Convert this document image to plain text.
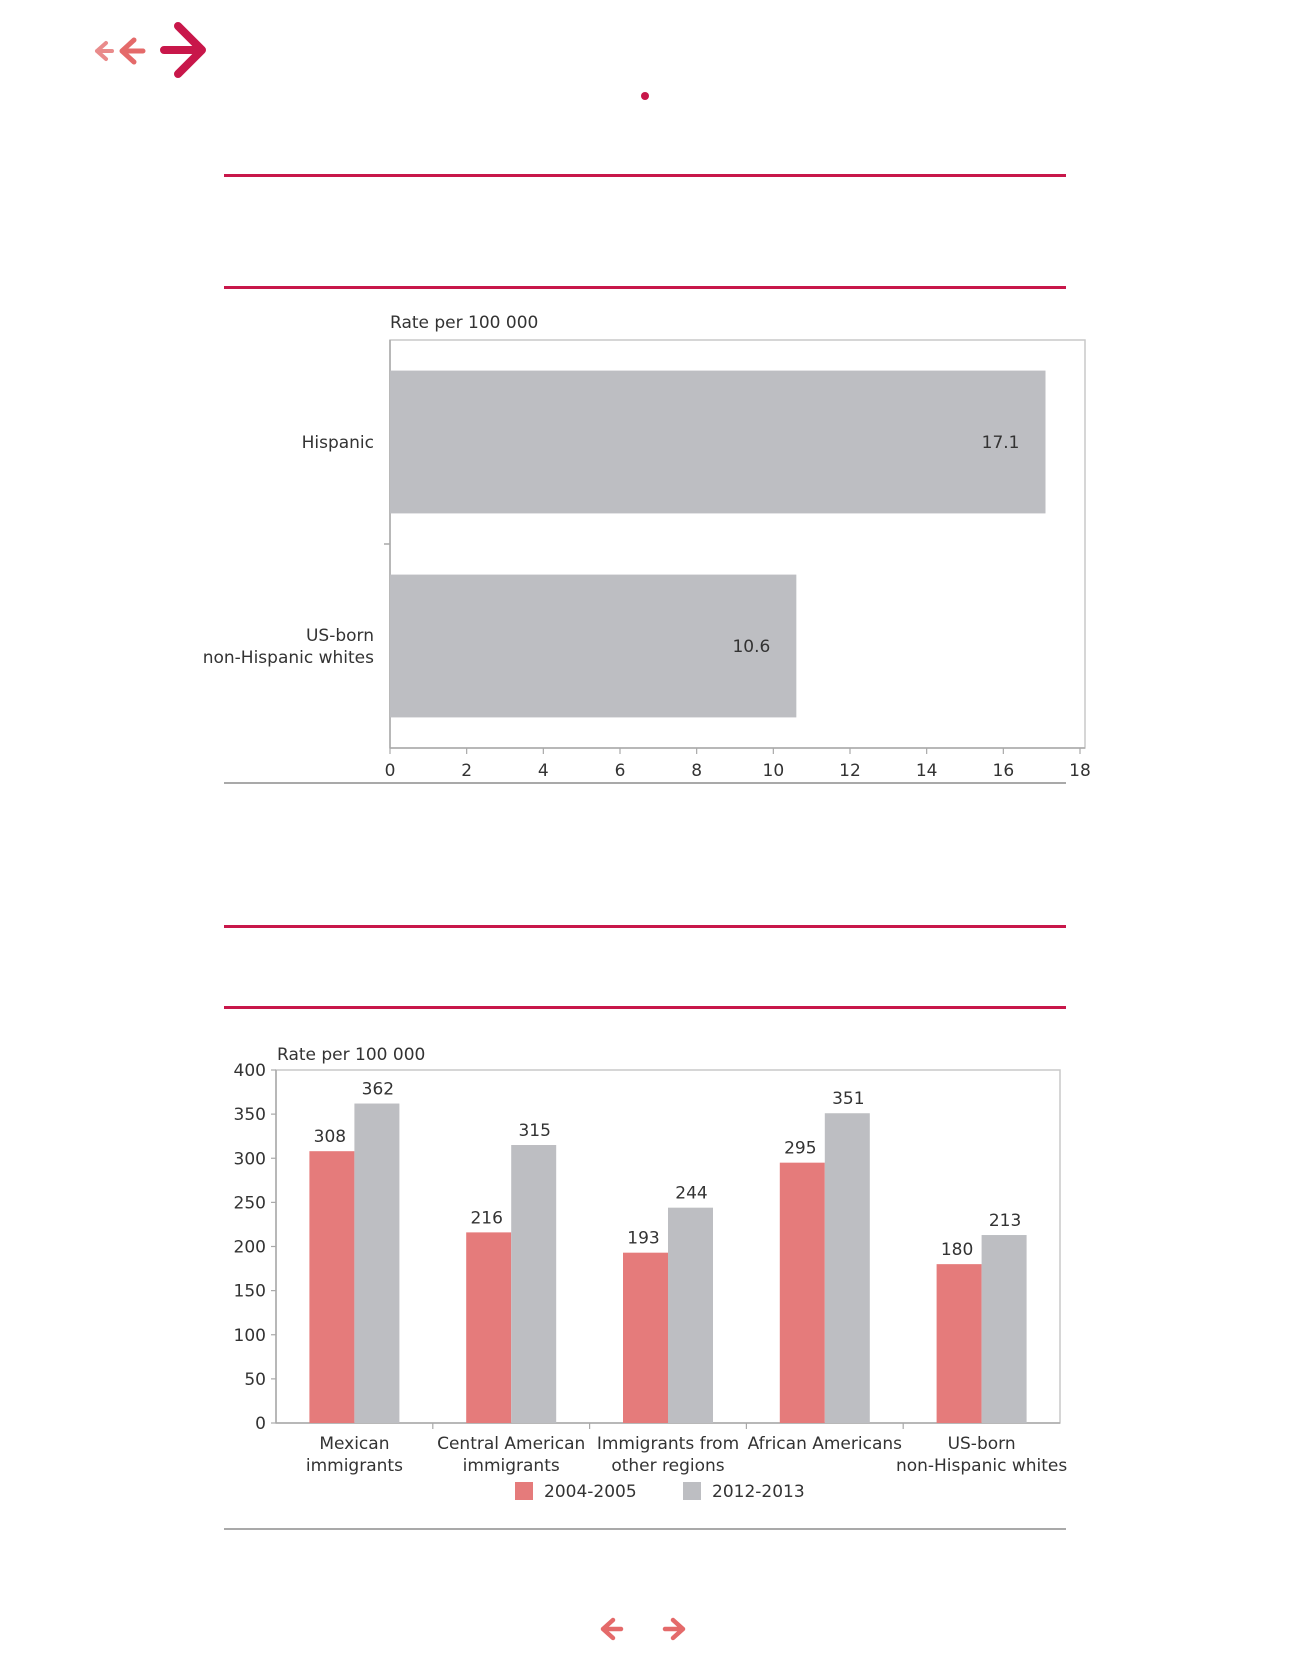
Rate per 100 000
17.1
Hispanic
10.6
US-born non-Hispanic whites
0	2	4	6	8	10	12	14	16	18
Rate per 100 000
0
50
100
150
200
250
300
350
400
308
362
Mexican immigrants
216
315
Central American immigrants
193
244
Immigrants from other regions
295
351
African Americans
180
213
US-born non-Hispanic whites
2004-2005	2012-2013
